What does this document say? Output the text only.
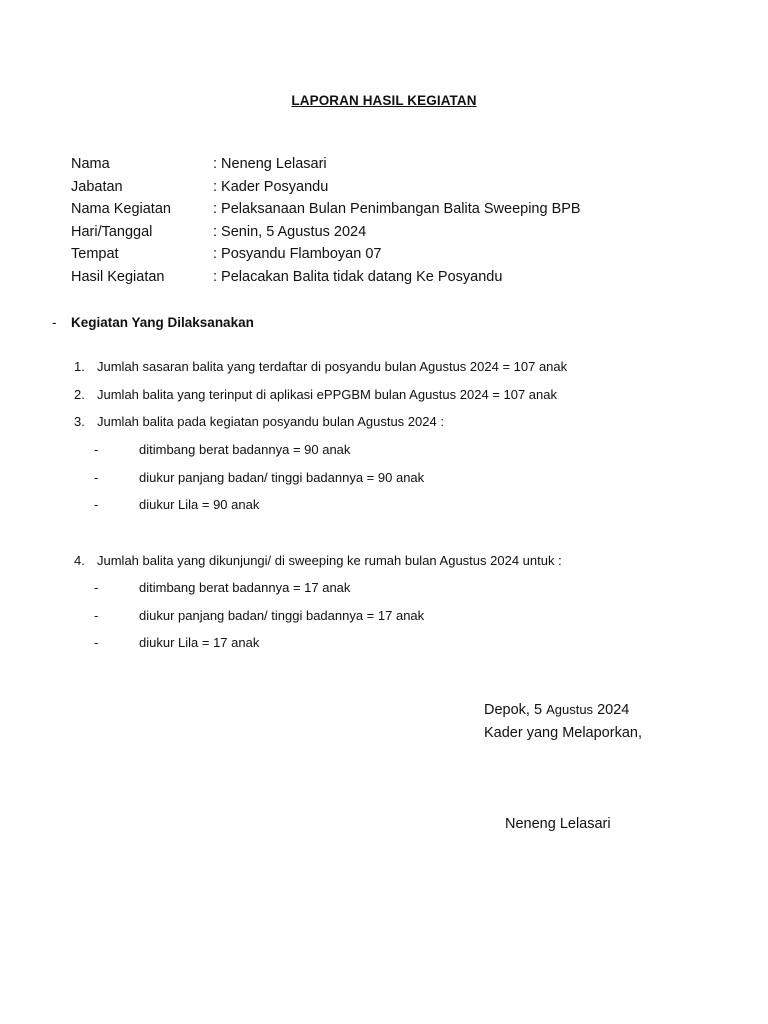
LAPORAN HASIL KEGIATAN
Nama	: Neneng Lelasari
Jabatan	: Kader Posyandu
Nama Kegiatan	: Pelaksanaan Bulan Penimbangan Balita Sweeping BPB
Hari/Tanggal	: Senin, 5 Agustus 2024
Tempat	: Posyandu Flamboyan 07
Hasil Kegiatan	: Pelacakan Balita tidak datang Ke Posyandu
- Kegiatan Yang Dilaksanakan
1. Jumlah sasaran balita yang terdaftar di posyandu bulan Agustus 2024 = 107 anak
2. Jumlah balita yang terinput di aplikasi ePPGBM bulan Agustus 2024 = 107 anak
3. Jumlah balita pada kegiatan posyandu bulan Agustus 2024 :
-	ditimbang berat badannya = 90 anak
-	diukur panjang badan/ tinggi badannya = 90 anak
-	diukur Lila = 90 anak
4. Jumlah balita yang dikunjungi/ di sweeping ke rumah bulan Agustus 2024 untuk :
-	ditimbang berat badannya = 17 anak
-	diukur panjang badan/ tinggi badannya = 17 anak
-	diukur Lila = 17 anak
Depok, 5 Agustus 2024
Kader yang Melaporkan,
Neneng Lelasari
